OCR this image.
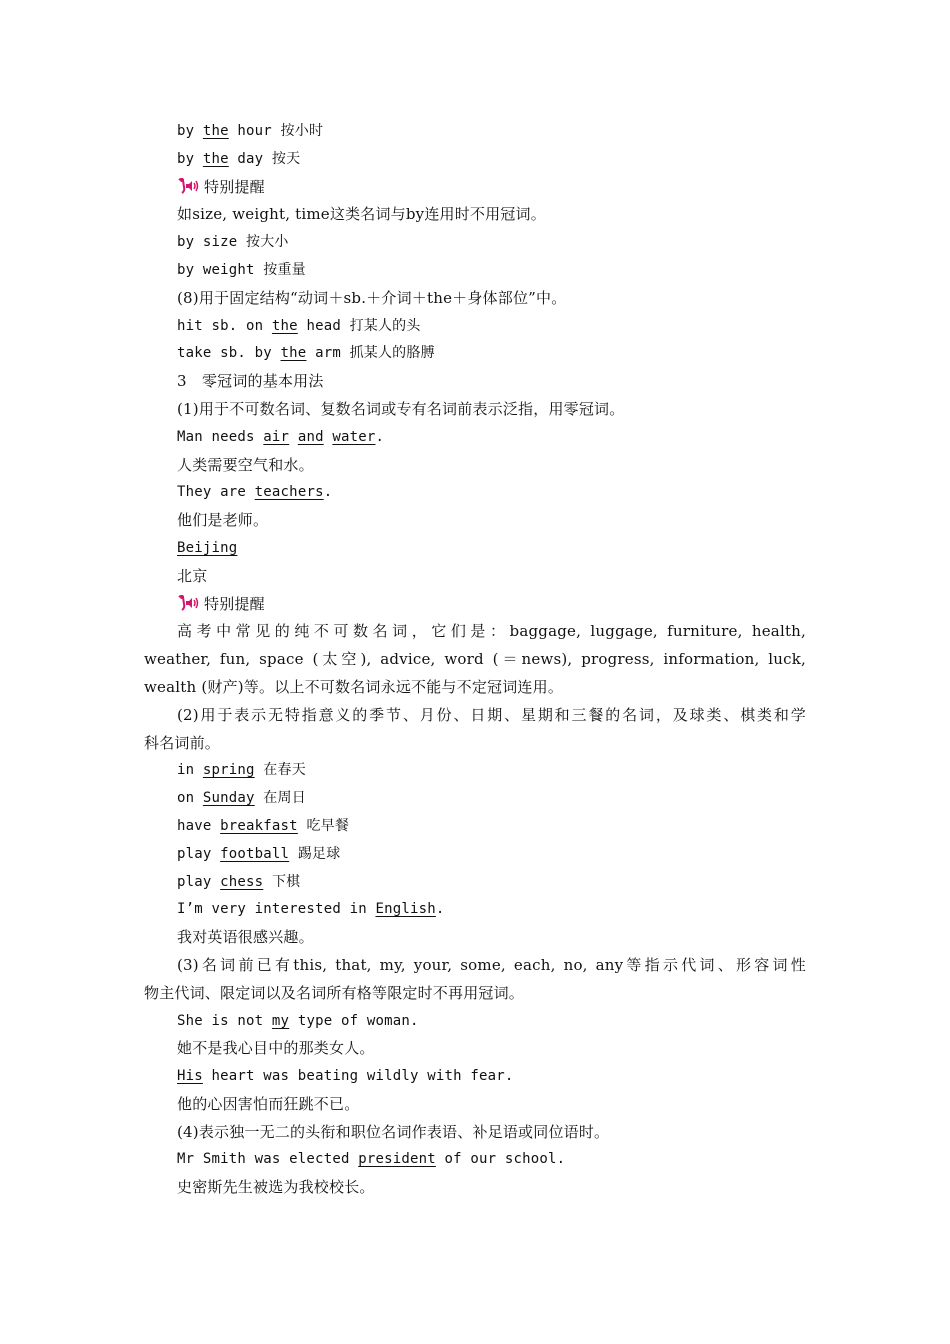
by the hour 按小时
by the day 按天
特别提醒
如size, weight, time这类名词与by连用时不用冠词。
by size 按大小
by weight 按重量
(8)用于固定结构“动词＋sb.＋介词＋the＋身体部位”中。
hit sb. on the head 打某人的头
take sb. by the arm 抓某人的胳膊
3　零冠词的基本用法
(1)用于不可数名词、复数名词或专有名词前表示泛指，用零冠词。
Man needs air and water.
人类需要空气和水。
They are teachers.
他们是老师。
Beijing
北京
特别提醒
高考中常见的纯不可数名词，它们是：baggage, luggage, furniture, health,
weather, fun, space (太空), advice, word (＝news), progress, information, luck,
wealth (财产)等。以上不可数名词永远不能与不定冠词连用。
(2)用于表示无特指意义的季节、月份、日期、星期和三餐的名词，及球类、棋类和学
科名词前。
in spring 在春天
on Sunday 在周日
have breakfast 吃早餐
play football 踢足球
play chess 下棋
I’m very interested in English.
我对英语很感兴趣。
(3)名词前已有this, that, my, your, some, each, no, any等指示代词、形容词性
物主代词、限定词以及名词所有格等限定时不再用冠词。
She is not my type of woman.
她不是我心目中的那类女人。
His heart was beating wildly with fear.
他的心因害怕而狂跳不已。
(4)表示独一无二的头衔和职位名词作表语、补足语或同位语时。
Mr Smith was elected president of our school.
史密斯先生被选为我校校长。
